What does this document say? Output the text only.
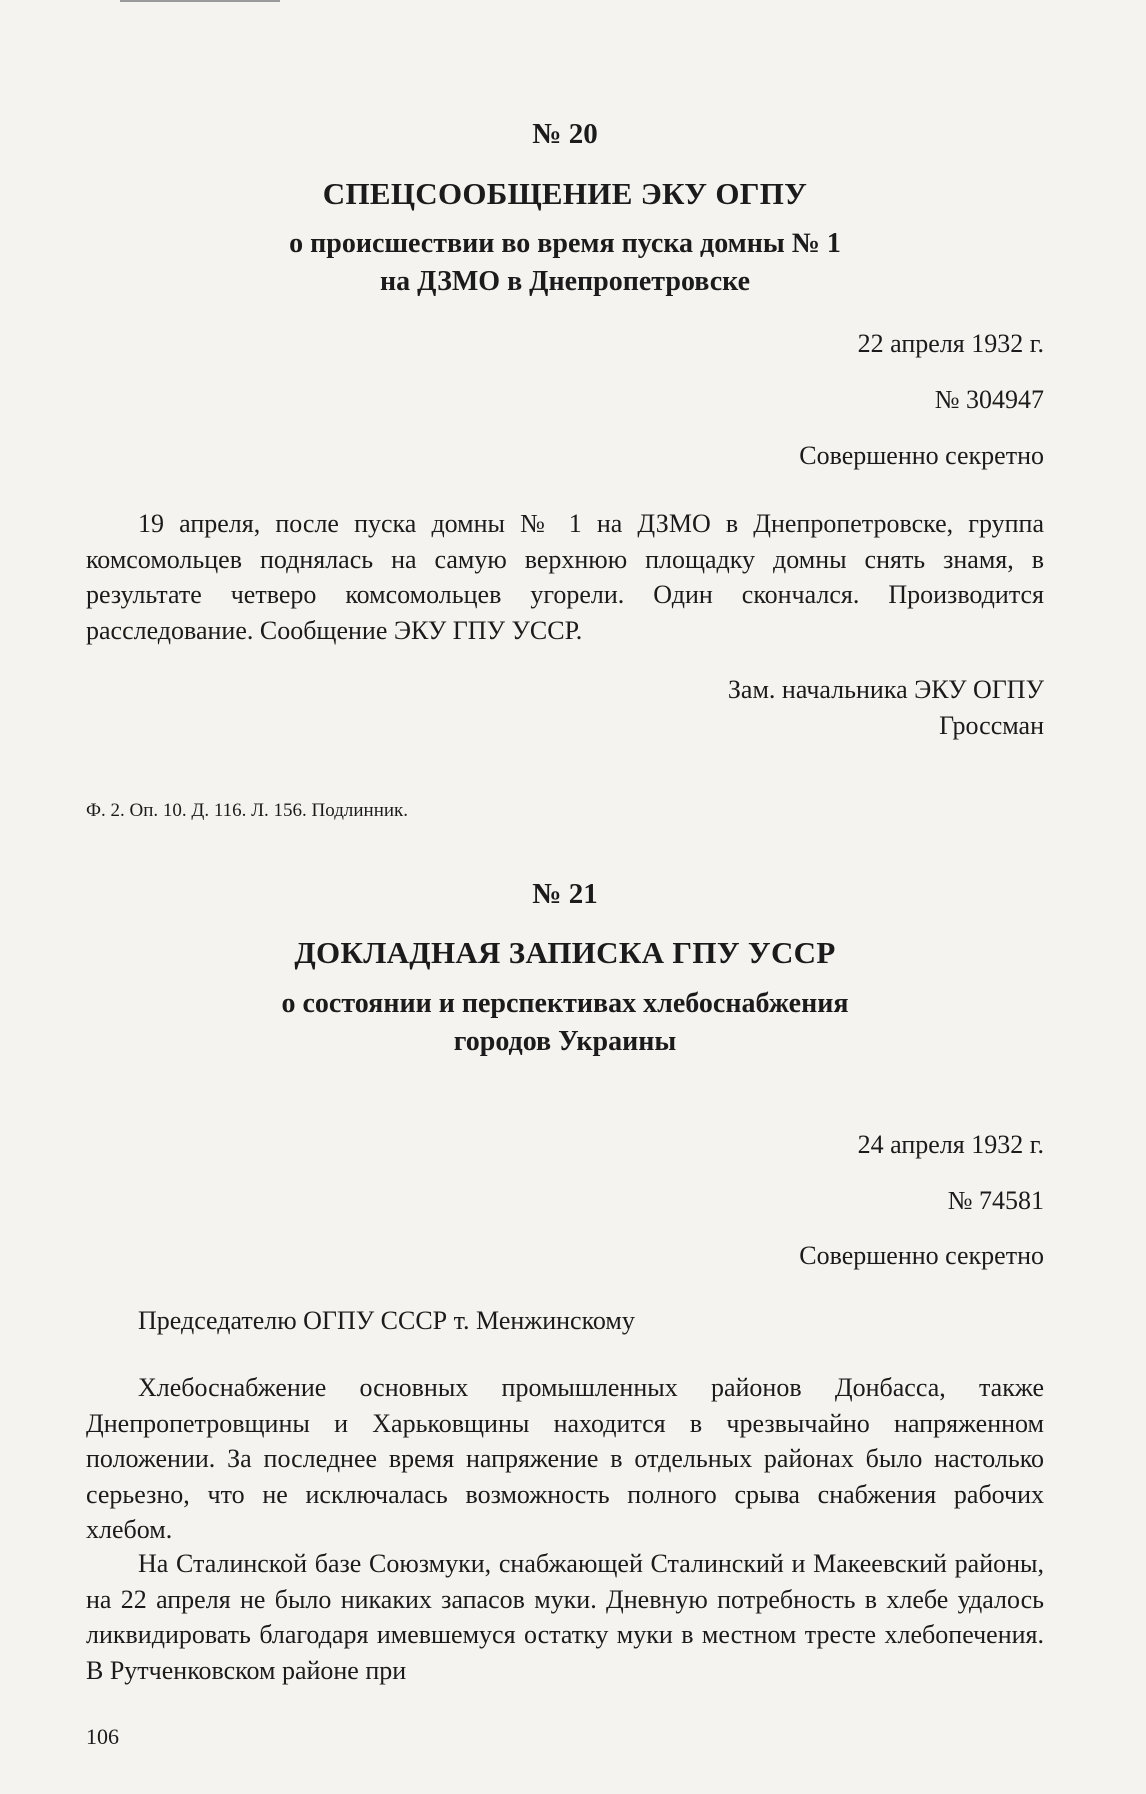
№ 20
СПЕЦСООБЩЕНИЕ ЭКУ ОГПУ
о происшествии во время пуска домны № 1
на ДЗМО в Днепропетровске
22 апреля 1932 г.
№ 304947
Совершенно секретно
19 апреля, после пуска домны № 1 на ДЗМО в Днепропетровске, группа комсомольцев поднялась на самую верхнюю площадку домны снять знамя, в результате четверо комсомольцев угорели. Один скончался. Производится расследование. Сообщение ЭКУ ГПУ УССР.
Зам. начальника ЭКУ ОГПУ
Гроссман
Ф. 2. Оп. 10. Д. 116. Л. 156. Подлинник.
№ 21
ДОКЛАДНАЯ ЗАПИСКА ГПУ УССР
о состоянии и перспективах хлебоснабжения
городов Украины
24 апреля 1932 г.
№ 74581
Совершенно секретно
Председателю ОГПУ СССР т. Менжинскому
Хлебоснабжение основных промышленных районов Донбасса, также Днепропетровщины и Харьковщины находится в чрезвычайно напряженном положении. За последнее время напряжение в отдельных районах было настолько серьезно, что не исключалась возможность полного срыва снабжения рабочих хлебом.
На Сталинской базе Союзмуки, снабжающей Сталинский и Макеевский районы, на 22 апреля не было никаких запасов муки. Дневную потребность в хлебе удалось ликвидировать благодаря имевшемуся остатку муки в местном тресте хлебопечения. В Рутченковском районе при
106
